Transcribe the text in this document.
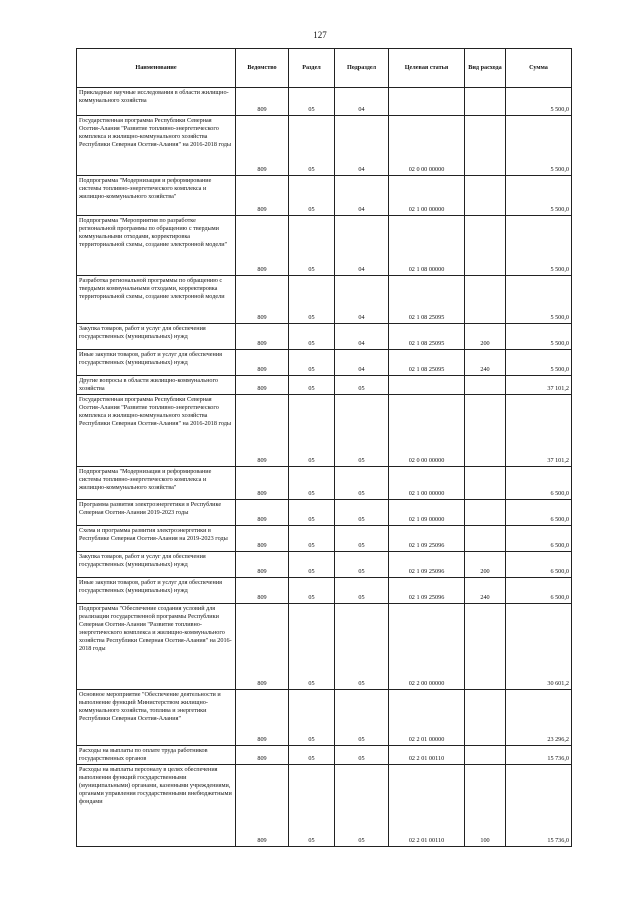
127
Наименование	Ведомство	Раздел	Подраздел	Целевая статья	Вид расхода	Сумма
Прикладные научные исследования в области жилищно-коммунального хозяйства	809	05	04			5 500,0
Государственная программа Республики Северная Осетия-Алания "Развитие топливно-энергетического комплекса и жилищно-коммунального хозяйства Республики Северная Осетия-Алания" на 2016-2018 годы	809	05	04	02 0 00 00000		5 500,0
Подпрограмма "Модернизация и реформирование системы топливно-энергетического комплекса и жилищно-коммунального хозяйства"	809	05	04	02 1 00 00000		5 500,0
Подпрограмма "Мероприятия по разработке региональной программы по обращению с твердыми коммунальными отходами, корректировка территориальной схемы, создание электронной модели"	809	05	04	02 1 08 00000		5 500,0
Разработка региональной программы по обращению с твердыми коммунальными отходами, корректировка территориальной схемы, создание электронной модели	809	05	04	02 1 08 25095		5 500,0
Закупка товаров, работ и услуг для обеспечения государственных (муниципальных) нужд	809	05	04	02 1 08 25095	200	5 500,0
Иные закупки товаров, работ и услуг для обеспечения государственных (муниципальных) нужд	809	05	04	02 1 08 25095	240	5 500,0
Другие вопросы в области жилищно-коммунального хозяйства	809	05	05			37 101,2
Государственная программа Республики Северная Осетия-Алания "Развитие топливно-энергетического комплекса и жилищно-коммунального хозяйства Республики Северная Осетия-Алания" на 2016-2018 годы	809	05	05	02 0 00 00000		37 101,2
Подпрограмма "Модернизация и реформирование системы топливно-энергетического комплекса и жилищно-коммунального хозяйства"	809	05	05	02 1 00 00000		6 500,0
Программа развития электроэнергетики в Республике Северная Осетия-Алания 2019-2023 годы	809	05	05	02 1 09 00000		6 500,0
Схема и программа развития электроэнергетики в Республике Северная Осетия-Алания на 2019-2023 годы	809	05	05	02 1 09 25096		6 500,0
Закупка товаров, работ и услуг для обеспечения государственных (муниципальных) нужд	809	05	05	02 1 09 25096	200	6 500,0
Иные закупки товаров, работ и услуг для обеспечения государственных (муниципальных) нужд	809	05	05	02 1 09 25096	240	6 500,0
Подпрограмма "Обеспечение создания условий для реализации государственной программы Республики Северная Осетия-Алания "Развитие топливно-энергетического комплекса и жилищно-коммунального хозяйства Республики Северная Осетия-Алания" на 2016-2018 годы	809	05	05	02 2 00 00000		30 601,2
Основное мероприятие "Обеспечение деятельности и выполнение функций Министерством жилищно-коммунального хозяйства, топлива и энергетики Республики Северная Осетия-Алания"	809	05	05	02 2 01 00000		23 296,2
Расходы на выплаты по оплате труда работников государственных органов	809	05	05	02 2 01 00110		15 736,0
Расходы на выплаты персоналу в целях обеспечения выполнения функций государственными (муниципальными) органами, казенными учреждениями, органами управления государственными внебюджетными фондами	809	05	05	02 2 01 00110	100	15 736,0
